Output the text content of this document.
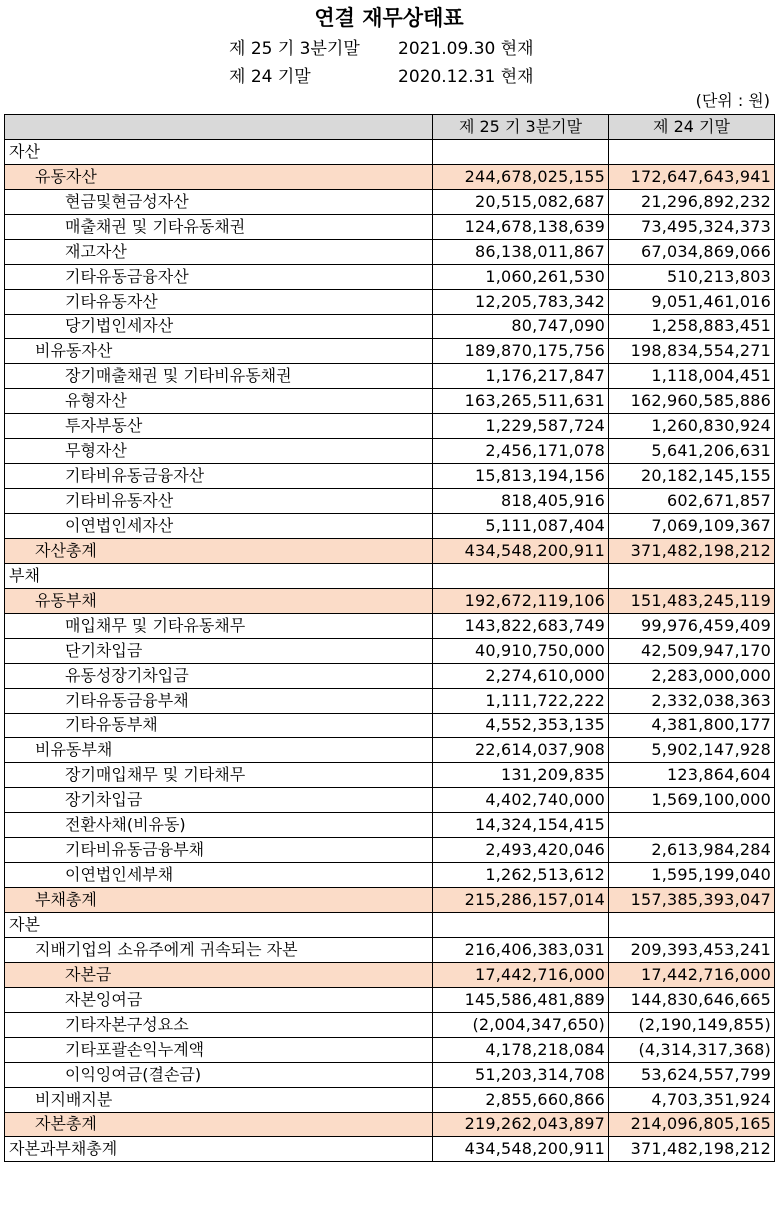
연결 재무상태표
제 25 기 3분기말 2021.09.30 현재
제 24 기말	2020.12.31 현재
(단위 : 원)
	제 25 기 3분기말	제 24 기말
자산		
유동자산	244,678,025,155	172,647,643,941
현금및현금성자산	20,515,082,687	21,296,892,232
매출채권 및 기타유동채권	124,678,138,639	73,495,324,373
재고자산	86,138,011,867	67,034,869,066
기타유동금융자산	1,060,261,530	510,213,803
기타유동자산	12,205,783,342	9,051,461,016
당기법인세자산	80,747,090	1,258,883,451
비유동자산	189,870,175,756	198,834,554,271
장기매출채권 및 기타비유동채권	1,176,217,847	1,118,004,451
유형자산	163,265,511,631	162,960,585,886
투자부동산	1,229,587,724	1,260,830,924
무형자산	2,456,171,078	5,641,206,631
기타비유동금융자산	15,813,194,156	20,182,145,155
기타비유동자산	818,405,916	602,671,857
이연법인세자산	5,111,087,404	7,069,109,367
자산총계	434,548,200,911	371,482,198,212
부채		
유동부채	192,672,119,106	151,483,245,119
매입채무 및 기타유동채무	143,822,683,749	99,976,459,409
단기차입금	40,910,750,000	42,509,947,170
유동성장기차입금	2,274,610,000	2,283,000,000
기타유동금융부채	1,111,722,222	2,332,038,363
기타유동부채	4,552,353,135	4,381,800,177
비유동부채	22,614,037,908	5,902,147,928
장기매입채무 및 기타채무	131,209,835	123,864,604
장기차입금	4,402,740,000	1,569,100,000
전환사채(비유동)	14,324,154,415	
기타비유동금융부채	2,493,420,046	2,613,984,284
이연법인세부채	1,262,513,612	1,595,199,040
부채총계	215,286,157,014	157,385,393,047
자본		
지배기업의 소유주에게 귀속되는 자본	216,406,383,031	209,393,453,241
자본금	17,442,716,000	17,442,716,000
자본잉여금	145,586,481,889	144,830,646,665
기타자본구성요소	(2,004,347,650)	(2,190,149,855)
기타포괄손익누계액	4,178,218,084	(4,314,317,368)
이익잉여금(결손금)	51,203,314,708	53,624,557,799
비지배지분	2,855,660,866	4,703,351,924
자본총계	219,262,043,897	214,096,805,165
자본과부채총계	434,548,200,911	371,482,198,212
